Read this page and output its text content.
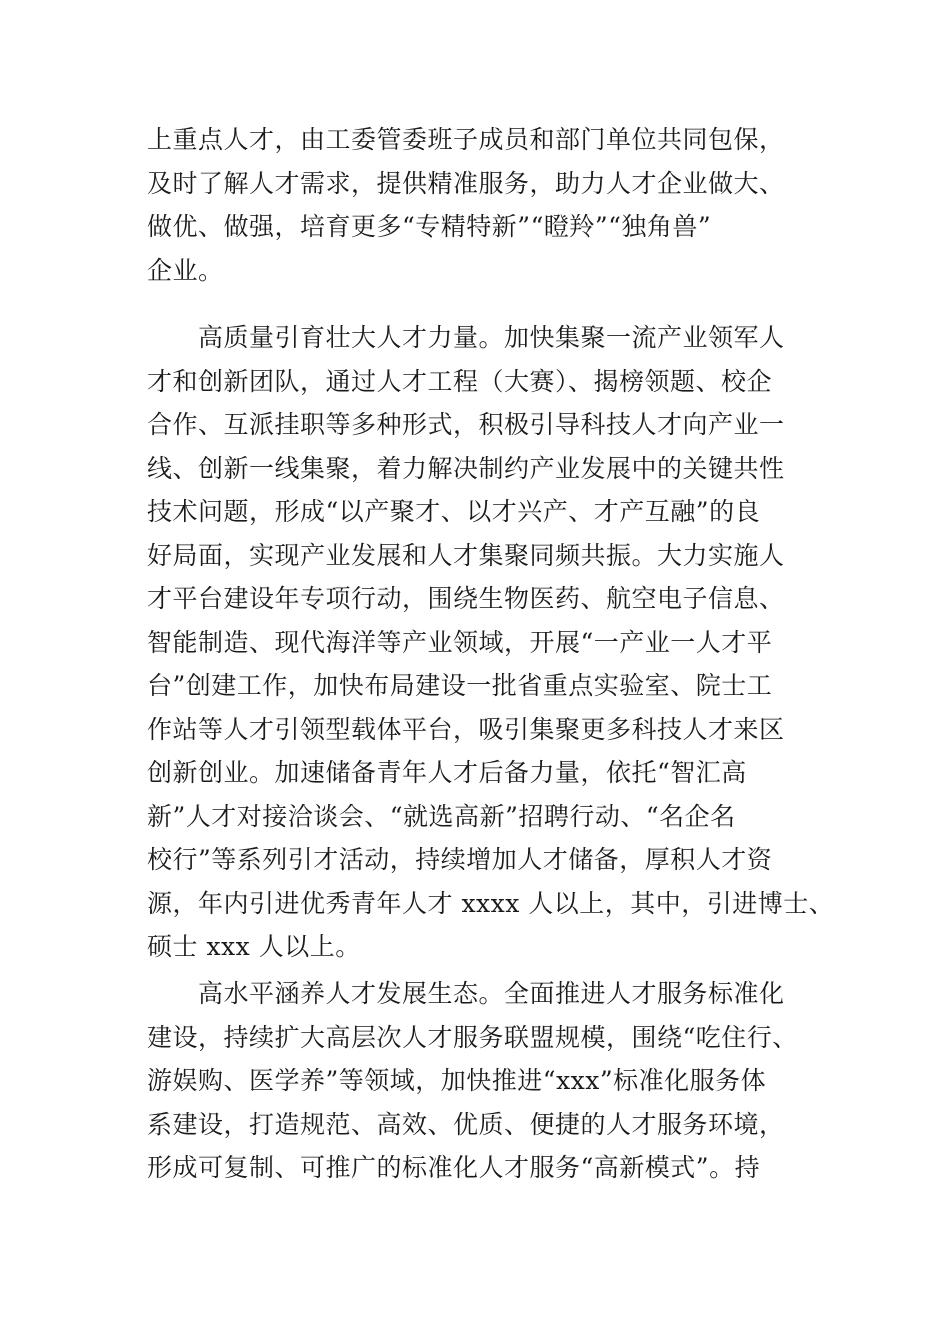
上重点人才，由工委管委班子成员和部门单位共同包保，
及时了解人才需求，提供精准服务，助力人才企业做大、
做优、做强，培育更多“专精特新”“瞪羚”“独角兽”
企业。
　　高质量引育壮大人才力量。加快集聚一流产业领军人
才和创新团队，通过人才工程（大赛）、揭榜领题、校企
合作、互派挂职等多种形式，积极引导科技人才向产业一
线、创新一线集聚，着力解决制约产业发展中的关键共性
技术问题，形成“以产聚才、以才兴产、才产互融”的良
好局面，实现产业发展和人才集聚同频共振。大力实施人
才平台建设年专项行动，围绕生物医药、航空电子信息、
智能制造、现代海洋等产业领域，开展“一产业一人才平
台”创建工作，加快布局建设一批省重点实验室、院士工
作站等人才引领型载体平台，吸引集聚更多科技人才来区
创新创业。加速储备青年人才后备力量，依托“智汇高
新”人才对接洽谈会、“就选高新”招聘行动、“名企名
校行”等系列引才活动，持续增加人才储备，厚积人才资
源，年内引进优秀青年人才 xxxx 人以上，其中，引进博士、
硕士 xxx 人以上。
　　高水平涵养人才发展生态。全面推进人才服务标准化
建设，持续扩大高层次人才服务联盟规模，围绕“吃住行、
游娱购、医学养”等领域，加快推进“xxx”标准化服务体
系建设，打造规范、高效、优质、便捷的人才服务环境，
形成可复制、可推广的标准化人才服务“高新模式”。持
